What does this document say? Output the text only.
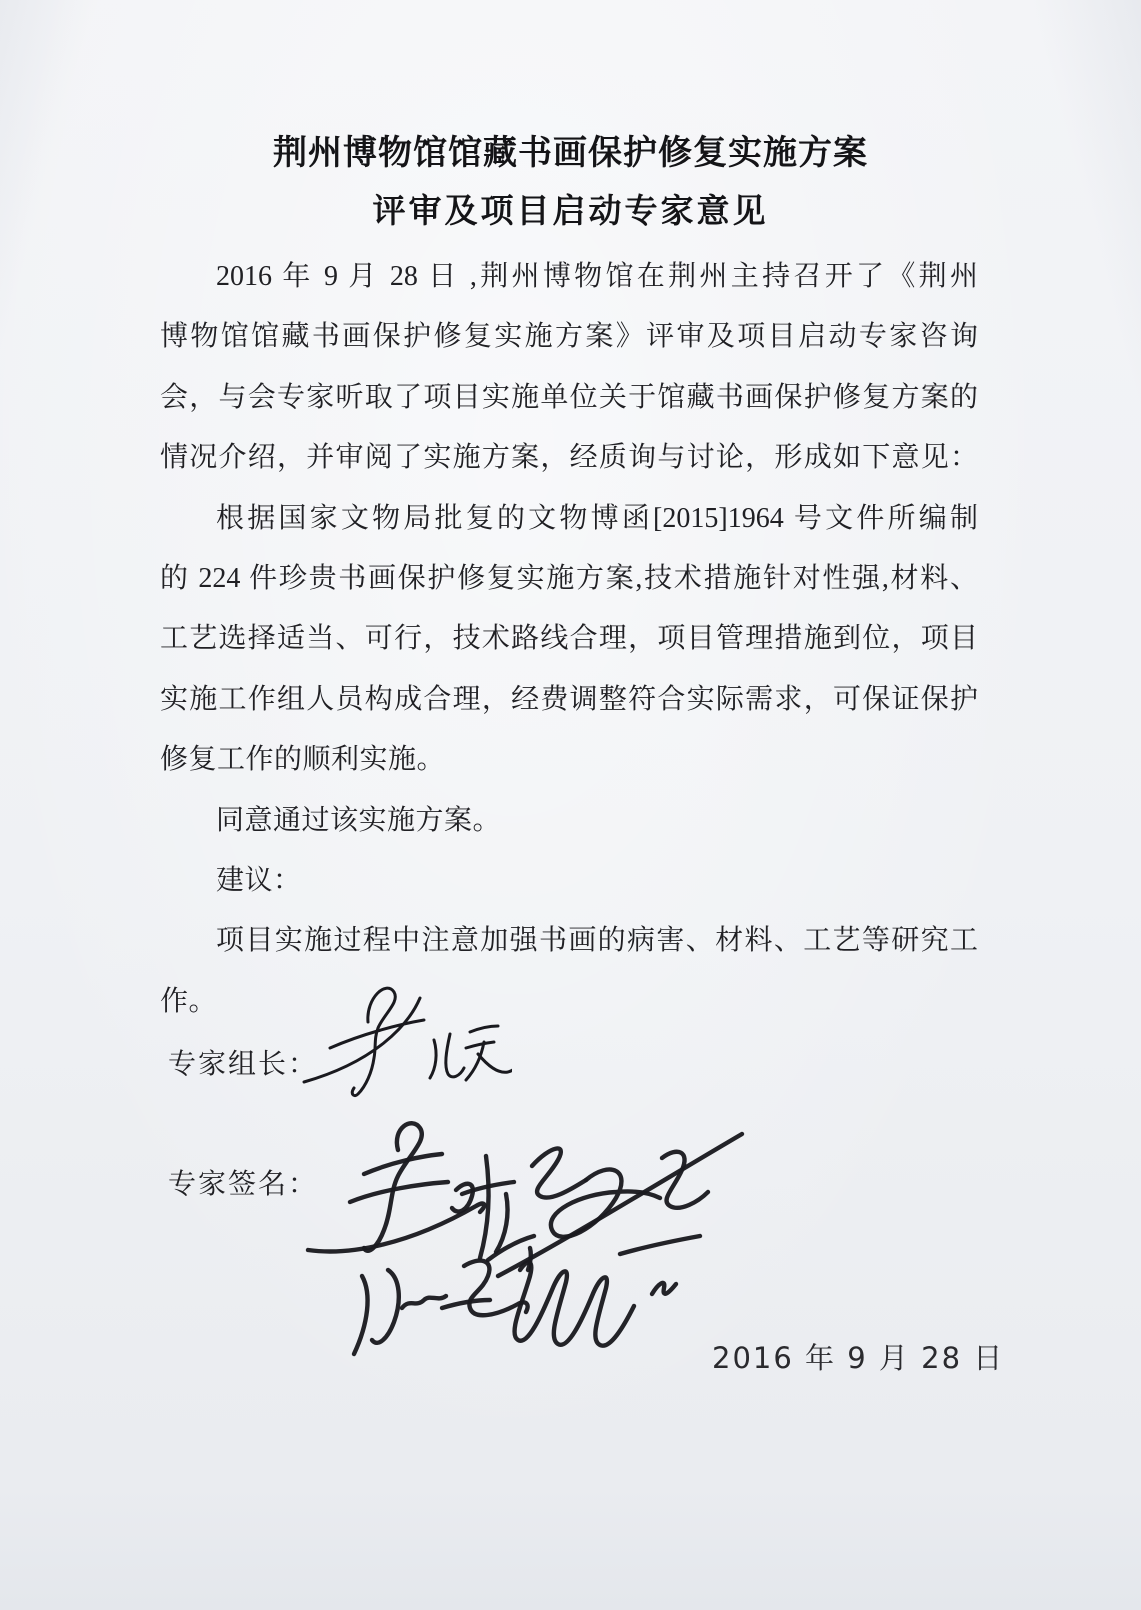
荆州博物馆馆藏书画保护修复实施方案
评审及项目启动专家意见
2016 年 9 月 28 日 ,荆州博物馆在荆州主持召开了《荆州
博物馆馆藏书画保护修复实施方案》评审及项目启动专家咨询
会，与会专家听取了项目实施单位关于馆藏书画保护修复方案的
情况介绍，并审阅了实施方案，经质询与讨论，形成如下意见：
根据国家文物局批复的文物博函[2015]1964 号文件所编制
的 224 件珍贵书画保护修复实施方案,技术措施针对性强,材料、
工艺选择适当、可行，技术路线合理，项目管理措施到位，项目
实施工作组人员构成合理，经费调整符合实际需求，可保证保护
修复工作的顺利实施。
同意通过该实施方案。
建议：
项目实施过程中注意加强书画的病害、材料、工艺等研究工
作。
专家组长：
专家签名：
2016 年 9 月 28 日
